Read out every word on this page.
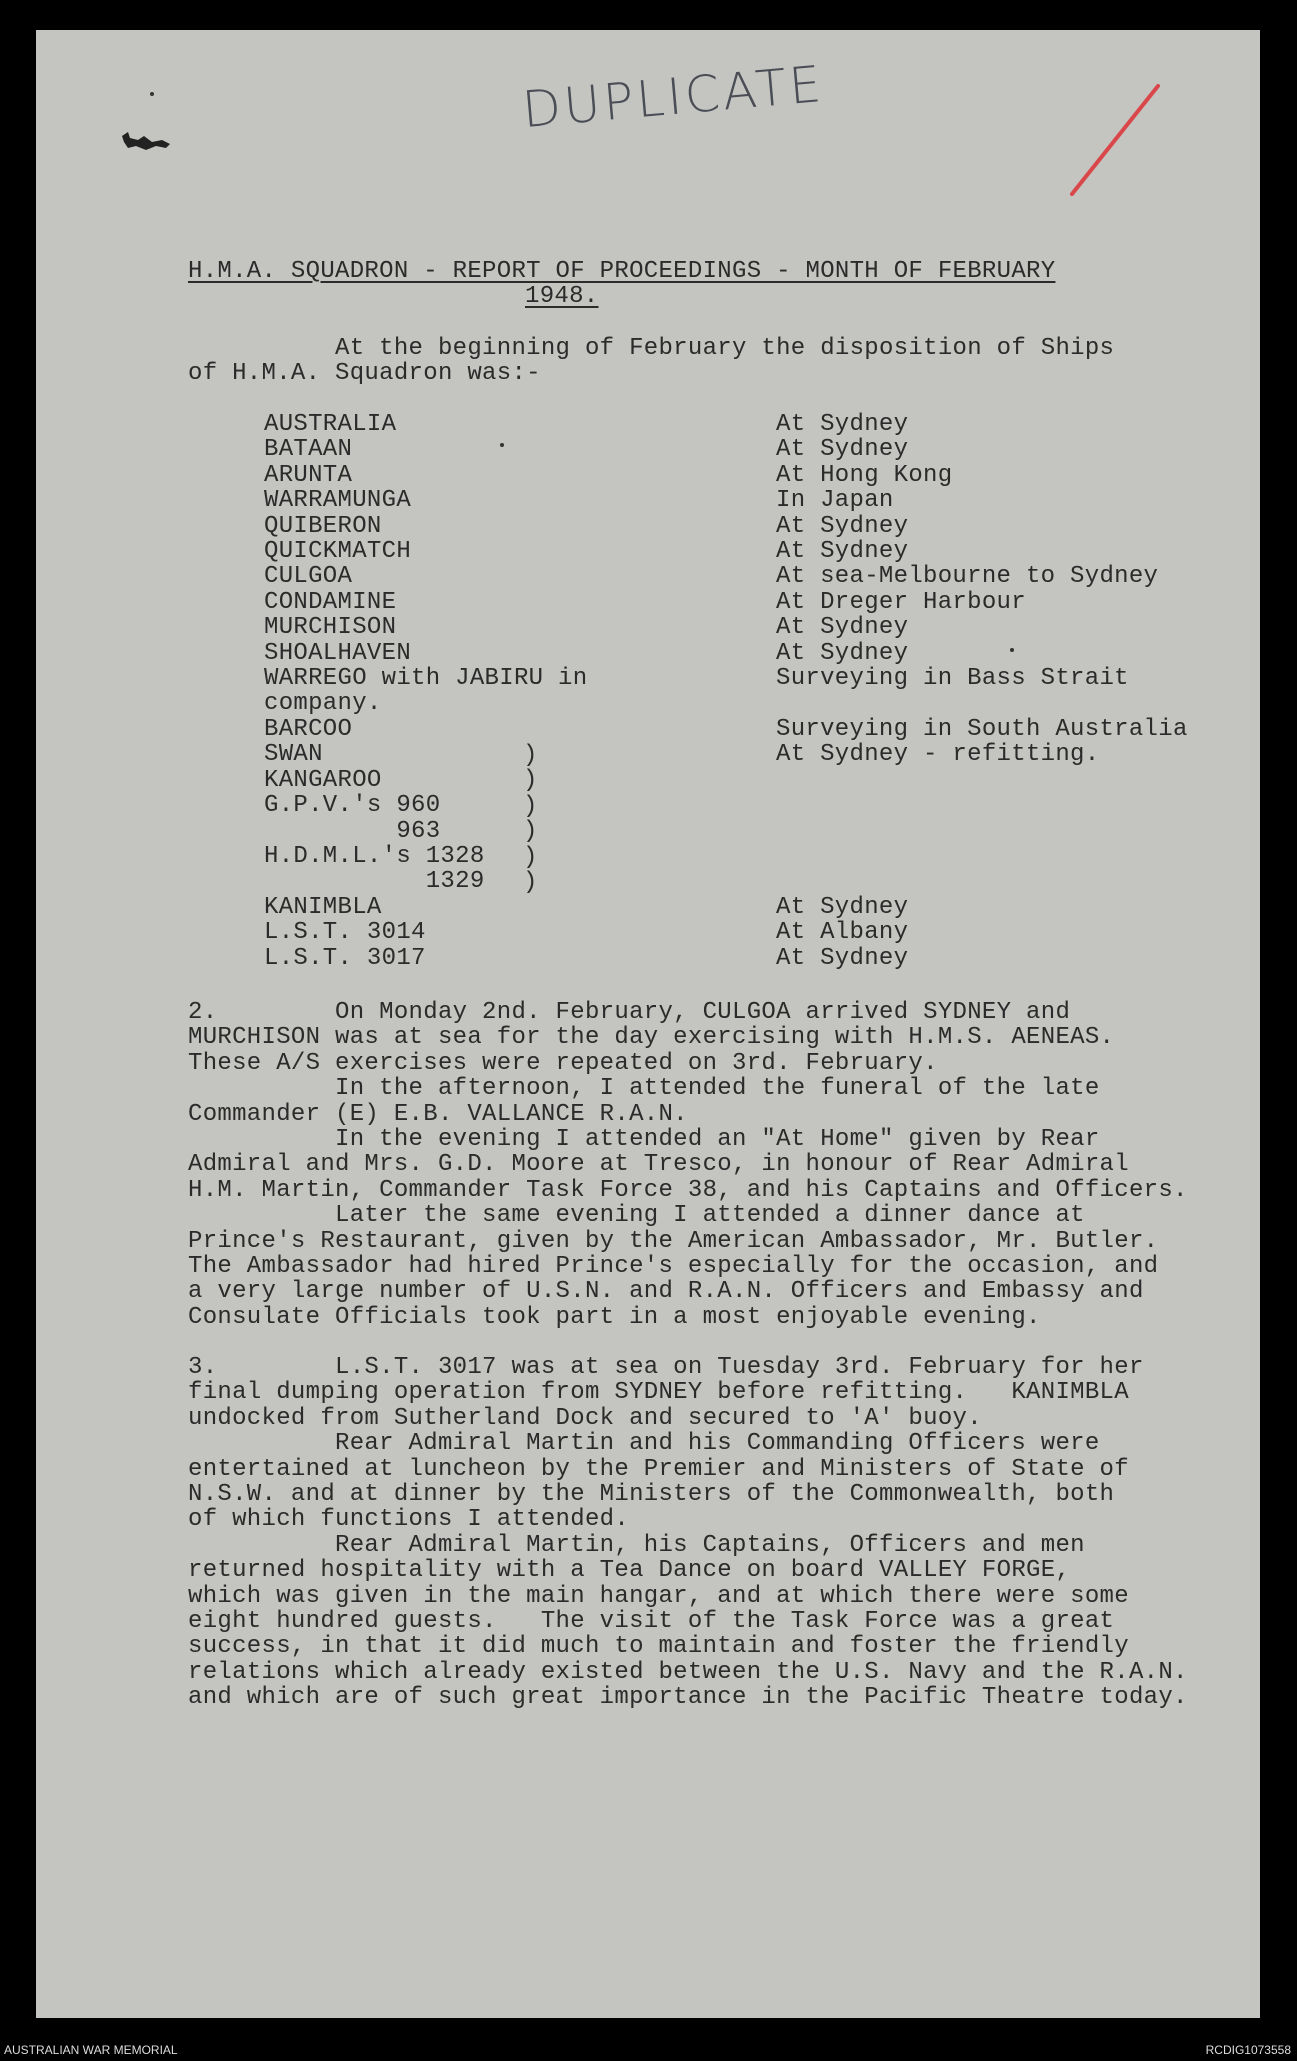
DUPLICATE
H.M.A. SQUADRON - REPORT OF PROCEEDINGS - MONTH OF FEBRUARY
1948.
At the beginning of February the disposition of Ships
of H.M.A. Squadron was:-
AUSTRALIA
BATAAN
ARUNTA
WARRAMUNGA
QUIBERON
QUICKMATCH
CULGOA
CONDAMINE
MURCHISON
SHOALHAVEN
WARREGO with JABIRU in
company.
BARCOO
SWAN
KANGAROO
G.P.V.'s 960
963
H.D.M.L.'s 1328
1329
KANIMBLA
L.S.T. 3014
L.S.T. 3017
At Sydney
At Sydney
At Hong Kong
In Japan
At Sydney
At Sydney
At sea-Melbourne to Sydney
At Dreger Harbour
At Sydney
At Sydney
Surveying in Bass Strait

Surveying in South Australia
At Sydney - refitting.

At Sydney
At Albany
At Sydney
)
)
)
)
)
)
2.        On Monday 2nd. February, CULGOA arrived SYDNEY and
MURCHISON was at sea for the day exercising with H.M.S. AENEAS.
These A/S exercises were repeated on 3rd. February.
In the afternoon, I attended the funeral of the late
Commander (E) E.B. VALLANCE R.A.N.
In the evening I attended an "At Home" given by Rear
Admiral and Mrs. G.D. Moore at Tresco, in honour of Rear Admiral
H.M. Martin, Commander Task Force 38, and his Captains and Officers.
Later the same evening I attended a dinner dance at
Prince's Restaurant, given by the American Ambassador, Mr. Butler.
The Ambassador had hired Prince's especially for the occasion, and
a very large number of U.S.N. and R.A.N. Officers and Embassy and
Consulate Officials took part in a most enjoyable evening.
3.        L.S.T. 3017 was at sea on Tuesday 3rd. February for her
final dumping operation from SYDNEY before refitting.   KANIMBLA
undocked from Sutherland Dock and secured to 'A' buoy.
Rear Admiral Martin and his Commanding Officers were
entertained at luncheon by the Premier and Ministers of State of
N.S.W. and at dinner by the Ministers of the Commonwealth, both
of which functions I attended.
Rear Admiral Martin, his Captains, Officers and men
returned hospitality with a Tea Dance on board VALLEY FORGE,
which was given in the main hangar, and at which there were some
eight hundred guests.   The visit of the Task Force was a great
success, in that it did much to maintain and foster the friendly
relations which already existed between the U.S. Navy and the R.A.N.
and which are of such great importance in the Pacific Theatre today.
AUSTRALIAN WAR MEMORIAL	RCDIG1073558
